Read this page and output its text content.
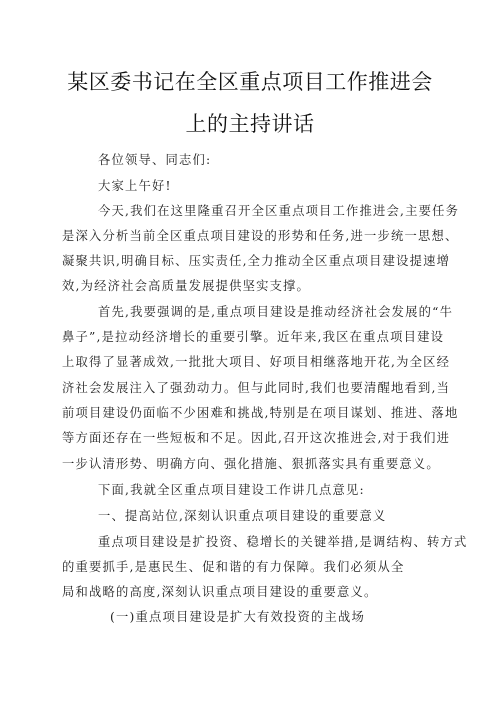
某区委书记在全区重点项目工作推进会
上的主持讲话
各位领导、同志们:
大家上午好!
今天,我们在这里隆重召开全区重点项目工作推进会,主要任务
是深入分析当前全区重点项目建设的形势和任务,进一步统一思想、
凝聚共识,明确目标、压实责任,全力推动全区重点项目建设提速增
效,为经济社会高质量发展提供坚实支撑。
首先,我要强调的是,重点项目建设是推动经济社会发展的“牛
鼻子”,是拉动经济增长的重要引擎。近年来,我区在重点项目建设
上取得了显著成效,一批批大项目、好项目相继落地开花,为全区经
济社会发展注入了强劲动力。但与此同时,我们也要清醒地看到,当
前项目建设仍面临不少困难和挑战,特别是在项目谋划、推进、落地
等方面还存在一些短板和不足。因此,召开这次推进会,对于我们进
一步认清形势、明确方向、强化措施、狠抓落实具有重要意义。
下面,我就全区重点项目建设工作讲几点意见:
一、提高站位,深刻认识重点项目建设的重要意义
重点项目建设是扩投资、稳增长的关键举措,是调结构、转方式
的重要抓手,是惠民生、促和谐的有力保障。我们必须从全
局和战略的高度,深刻认识重点项目建设的重要意义。
(一)重点项目建设是扩大有效投资的主战场
